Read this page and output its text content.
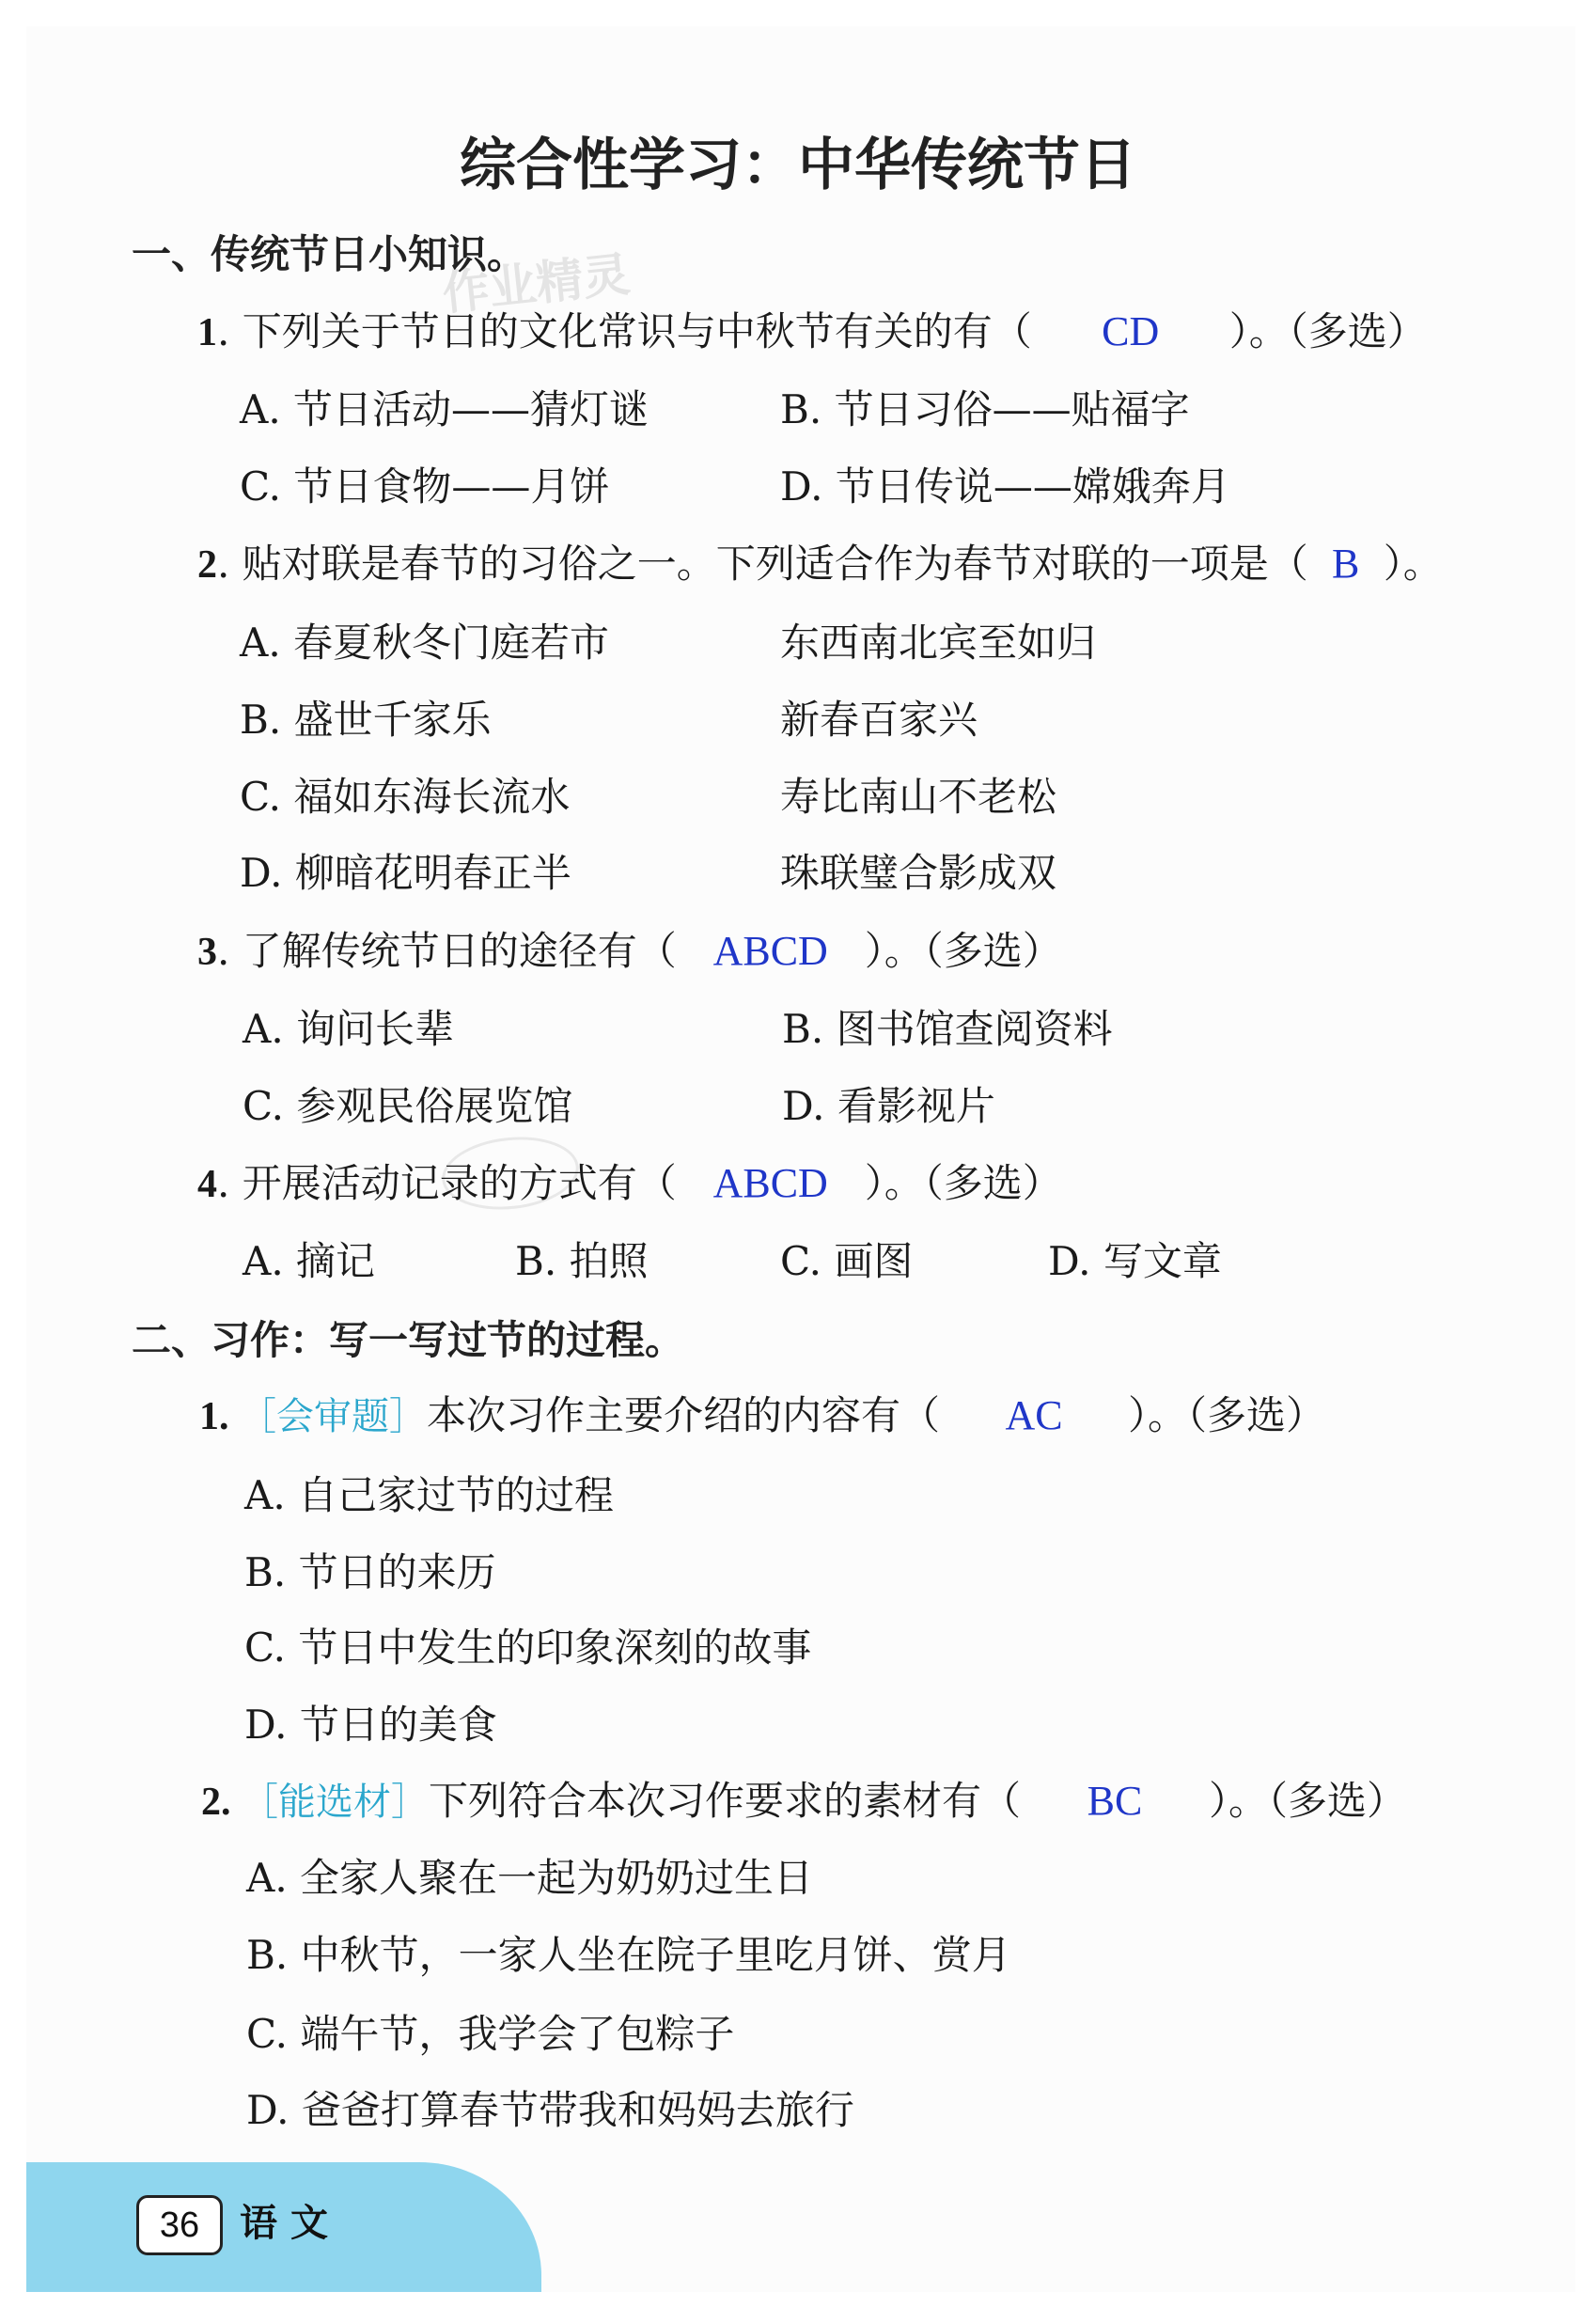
综合性学习：中华传统节日
作业精灵
一、传统节日小知识。
1. 下列关于节日的文化常识与中秋节有关的有（ CD ）。（多选）
A. 节日活动——猜灯谜	B. 节日习俗——贴福字
C. 节日食物——月饼	D. 节日传说——嫦娥奔月
2. 贴对联是春节的习俗之一。下列适合作为春节对联的一项是（ B ）。
A. 春夏秋冬门庭若市	东西南北宾至如归
B. 盛世千家乐	新春百家兴
C. 福如东海长流水	寿比南山不老松
D. 柳暗花明春正半	珠联璧合影成双
3. 了解传统节日的途径有（ ABCD ）。（多选）
A. 询问长辈	B. 图书馆查阅资料
C. 参观民俗展览馆	D. 看影视片
4. 开展活动记录的方式有（ ABCD ）。（多选）
A. 摘记	B. 拍照	C. 画图	D. 写文章
二、习作：写一写过节的过程。
1. ［会审题］本次习作主要介绍的内容有（ AC ）。（多选）
A. 自己家过节的过程
B. 节日的来历
C. 节日中发生的印象深刻的故事
D. 节日的美食
2. ［能选材］下列符合本次习作要求的素材有（ BC ）。（多选）
A. 全家人聚在一起为奶奶过生日
B. 中秋节，一家人坐在院子里吃月饼、赏月
C. 端午节，我学会了包粽子
D. 爸爸打算春节带我和妈妈去旅行
36	语文
